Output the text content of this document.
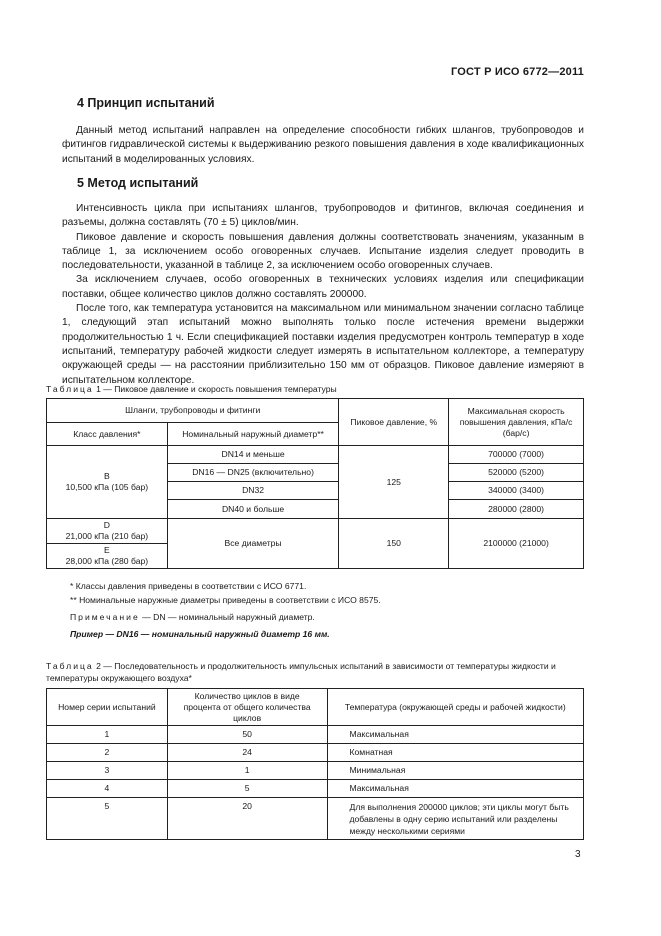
ГОСТ Р ИСО 6772—2011
4 Принцип испытаний

Данный метод испытаний направлен на определение способности гибких шлангов, трубопроводов и фитингов гидравлической системы к выдерживанию резкого повышения давления в ходе квалификационных испытаний в моделированных условиях.

5 Метод испытаний

Интенсивность цикла при испытаниях шлангов, трубопроводов и фитингов, включая соединения и разъемы, должна составлять (70 ± 5) циклов/мин.

Пиковое давление и скорость повышения давления должны соответствовать значениям, указанным в таблице 1, за исключением особо оговоренных случаев. Испытание изделия следует проводить в последовательности, указанной в таблице 2, за исключением особо оговоренных случаев.

За исключением случаев, особо оговоренных в технических условиях изделия или спецификации поставки, общее количество циклов должно составлять 200000.

После того, как температура установится на максимальном или минимальном значении согласно таблице 1, следующий этап испытаний можно выполнять только после истечения времени выдержки продолжительностью 1 ч. Если спецификацией поставки изделия предусмотрен контроль температур в ходе испытаний, температуру рабочей жидкости следует измерять в испытательном коллекторе, а температуру окружающей среды — на расстоянии приблизительно 150 мм от образцов. Пиковое давление измеряют в испытательном коллекторе.

Таблица 1 — Пиковое давление и скорость повышения температуры
Шланги, трубопроводы и фитинги		Пиковое давление, %	Максимальная скорость повышения давления, кПа/с (бар/с)
Класс давления*	Номинальный наружный диаметр**		

B
10,500 кПа (105 бар)	DN14 и меньше	125	700000 (7000)
	DN16 — DN25 (включительно)		520000 (5200)
	DN32		340000 (3400)
	DN40 и больше		280000 (2800)

D
21,000 кПа (210 бар)	Все диаметры	150	2100000 (21000)

E
28,000 кПа (280 бар)			
* Классы давления приведены в соответствии с ИСО 6771.
** Номинальные наружные диаметры приведены в соответствии с ИСО 8575.
Примечание — DN — номинальный наружный диаметр.
Пример — DN16 — номинальный наружный диаметр 16 мм.
Таблица 2 — Последовательность и продолжительность импульсных испытаний в зависимости от температуры жидкости и температуры окружающего воздуха*
Номер серии испытаний	Количество циклов в виде процента от общего количества циклов	Температура (окружающей среды и рабочей жидкости)
1	50	Максимальная
2	24	Комнатная
3	1	Минимальная
4	5	Максимальная
5	20	Для выполнения 200000 циклов; эти циклы могут быть добавлены в одну серию испытаний или разделены между несколькими сериями
3
